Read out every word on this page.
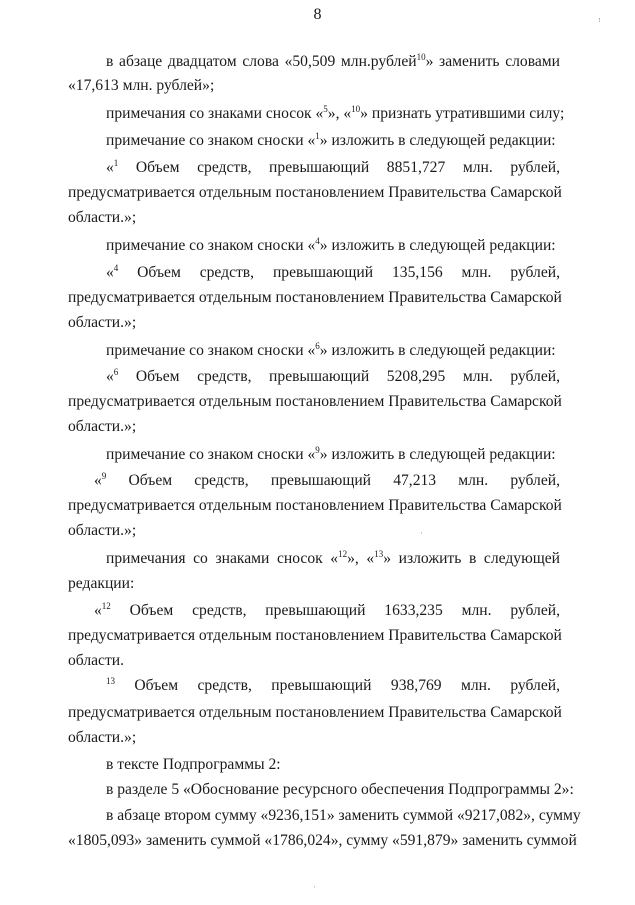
8
в абзаце двадцатом слова «50,509 млн.рублей$^{10}$» заменить словами
«17,613 млн. рублей»;
примечания со знаками сносок «$^5$», «$^{10}$» признать утратившими силу;
примечание со знаком сноски «$^1$» изложить в следующей редакции:
«$^1$ Объем средств, превышающий 8851,727 млн. рублей,
предусматривается отдельным постановлением Правительства Самарской
области.»;
примечание со знаком сноски «$^4$» изложить в следующей редакции:
«$^4$ Объем средств, превышающий 135,156 млн. рублей,
предусматривается отдельным постановлением Правительства Самарской
области.»;
примечание со знаком сноски «$^6$» изложить в следующей редакции:
«$^6$ Объем средств, превышающий 5208,295 млн. рублей,
предусматривается отдельным постановлением Правительства Самарской
области.»;
примечание со знаком сноски «$^9$» изложить в следующей редакции:
«$^9$ Объем средств, превышающий 47,213 млн. рублей,
предусматривается отдельным постановлением Правительства Самарской
области.»;
примечания со знаками сносок «$^{12}$», «$^{13}$» изложить в следующей
редакции:
«$^{12}$ Объем средств, превышающий 1633,235 млн. рублей,
предусматривается отдельным постановлением Правительства Самарской
области.
$^{13}$ Объем средств, превышающий 938,769 млн. рублей,
предусматривается отдельным постановлением Правительства Самарской
области.»;
в тексте Подпрограммы 2:
в разделе 5 «Обоснование ресурсного обеспечения Подпрограммы 2»:
в абзаце втором сумму «9236,151» заменить суммой «9217,082», сумму
«1805,093» заменить суммой «1786,024», сумму «591,879» заменить суммой
ꜝ
·
·
